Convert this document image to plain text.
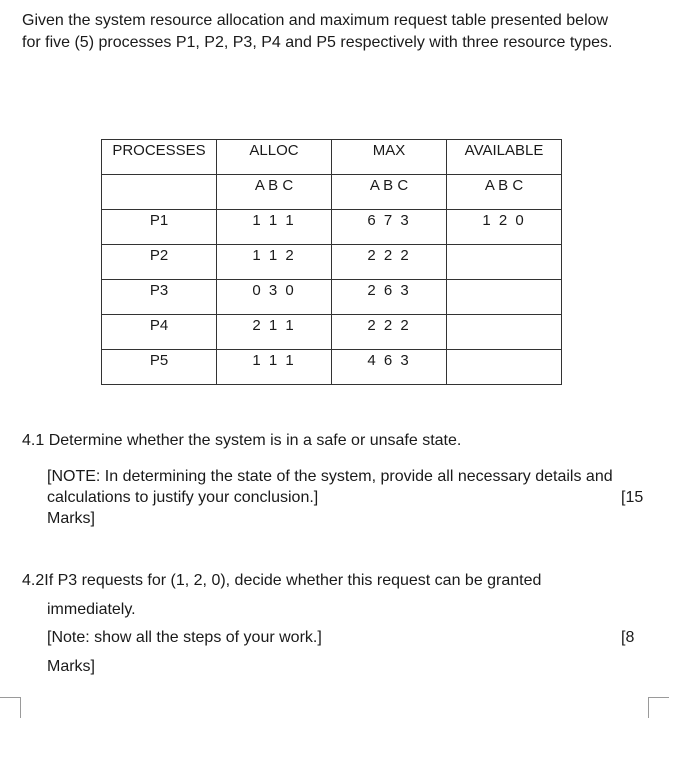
Given the system resource allocation and maximum request table presented below
for five (5) processes P1, P2, P3, P4 and P5 respectively with three resource types.
PROCESSES	ALLOC	MAX	AVAILABLE
	A B C	A B C	A B C
P1	1 1 1	6 7 3	1 2 0
P2	1 1 2	2 2 2	
P3	0 3 0	2 6 3	
P4	2 1 1	2 2 2	
P5	1 1 1	4 6 3	

4.1 Determine whether the system is in a safe or unsafe state.

[NOTE: In determining the state of the system, provide all necessary details and
calculations to justify your conclusion.]	[15
Marks]
4.2If P3 requests for (1, 2, 0), decide whether this request can be granted

immediately.

[Note: show all the steps of your work.]	[8
Marks]
